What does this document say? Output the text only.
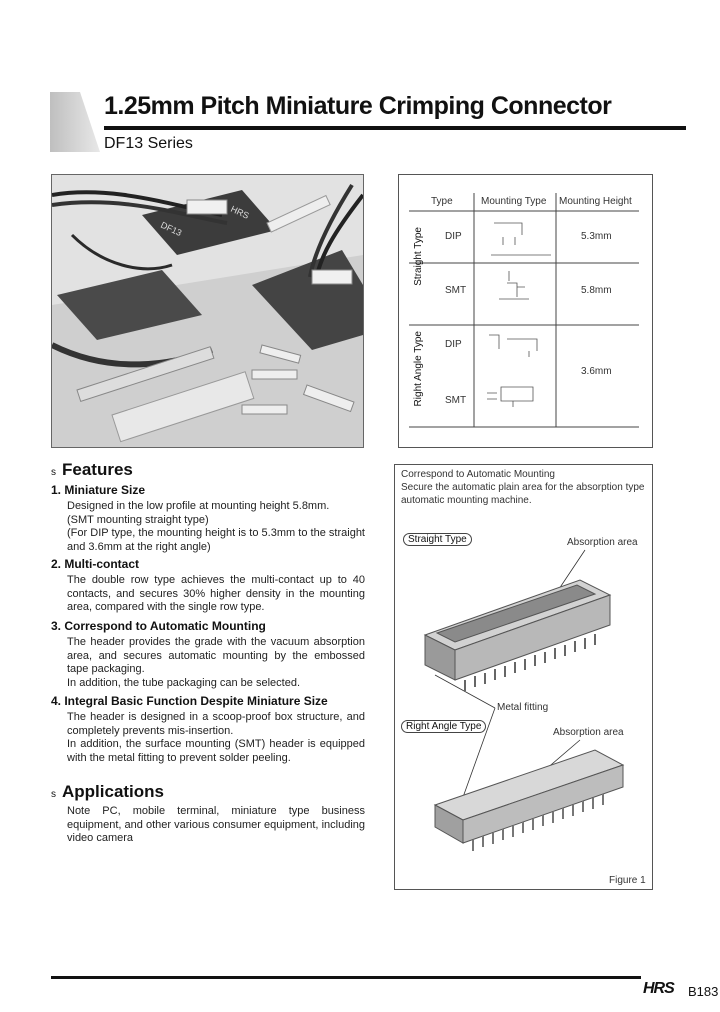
1.25mm Pitch Miniature Crimping Connector
DF13 Series
DF13
HRS
Type	Mounting Type Mounting Height
Straight Type
Right Angle Type
DIP
SMT
DIP
SMT
5.3mm
5.8mm
3.6mm
s Features
1. Miniature Size

Designed in the low profile at mounting height 5.8mm.

(SMT mounting straight type)

(For DIP type, the mounting height is to 5.3mm to the straight and 3.6mm at the right angle)

2. Multi-contact

The double row type achieves the multi-contact up to 40 contacts, and secures 30% higher density in the mounting area, compared with the single row type.

3. Correspond to Automatic Mounting

The header provides the grade with the vacuum absorption area, and secures automatic mounting by the embossed tape packaging.

In addition, the tube packaging can be selected.

4. Integral Basic Function Despite Miniature Size

The header is designed in a scoop-proof box structure, and completely prevents mis-insertion.

In addition, the surface mounting (SMT) header is equipped with the metal fitting to prevent solder peeling.

s Applications
Note PC, mobile terminal, miniature type business equipment, and other various consumer equipment, including video camera
Correspond to Automatic Mounting
Secure the automatic plain area for the absorption type automatic mounting machine.
Straight Type	Absorption area
Metal fitting
Right Angle Type
Absorption area
Figure 1
HRS B183
